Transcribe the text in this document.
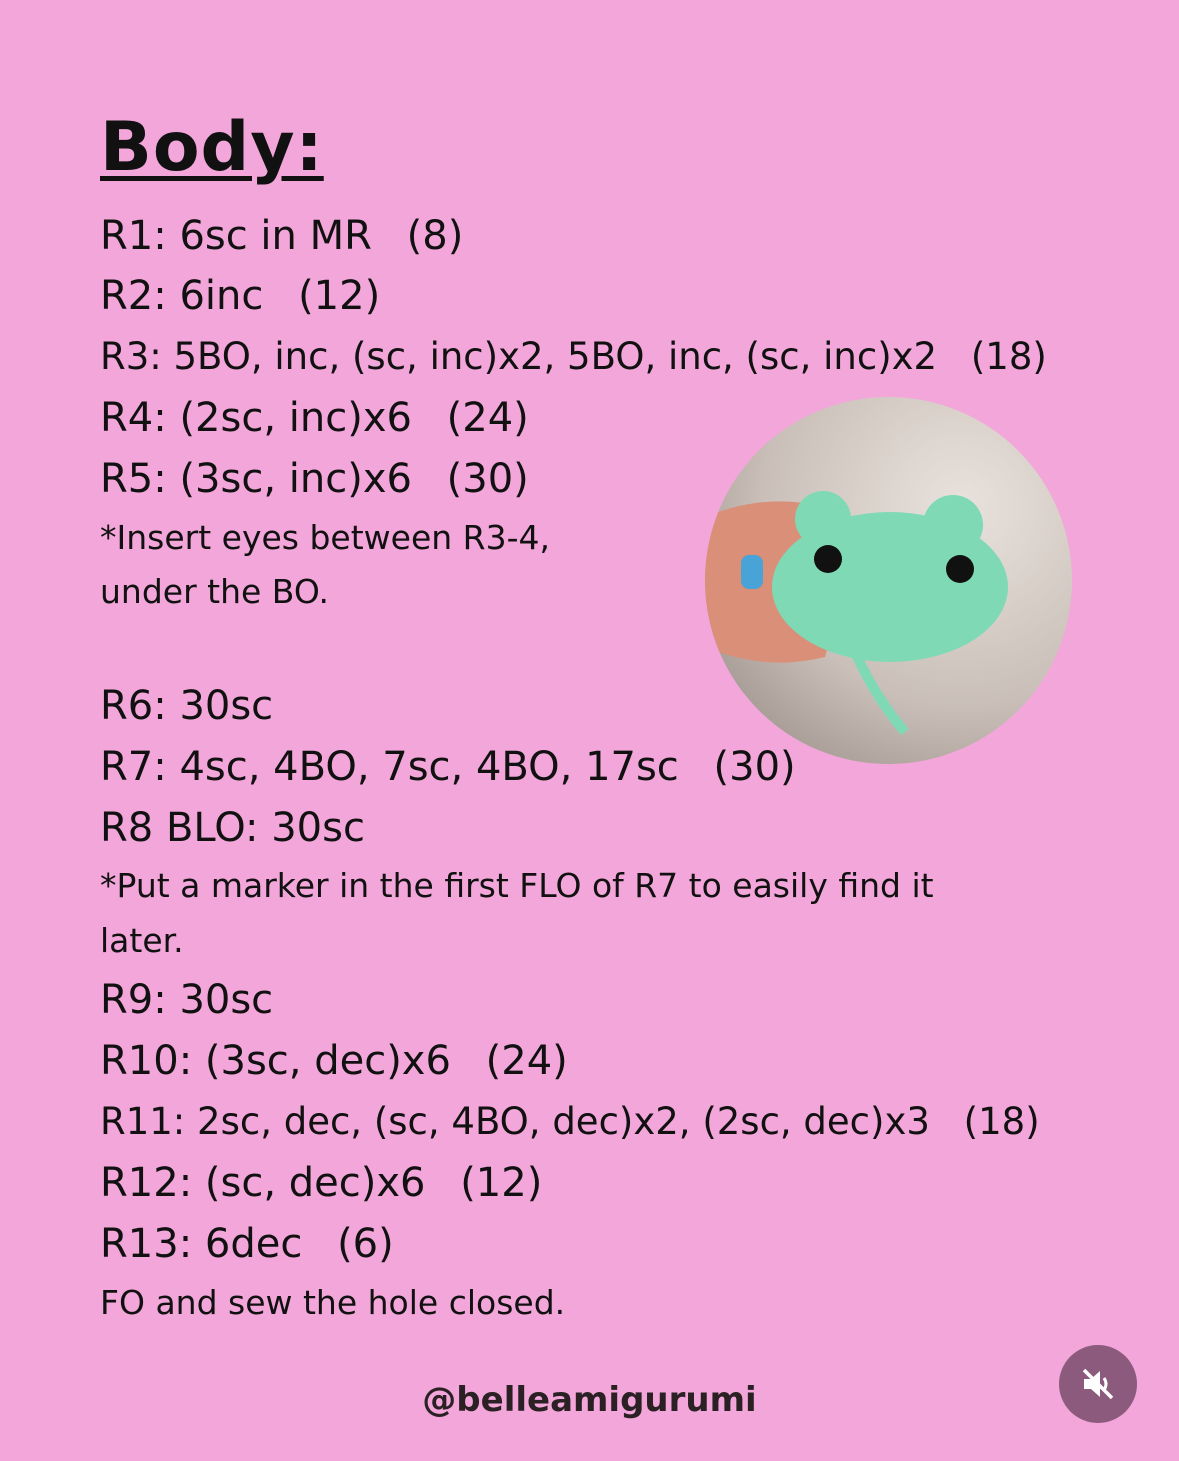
Body:
R1: 6sc in MR (8)
R2: 6inc (12)
R3: 5BO, inc, (sc, inc)x2, 5BO, inc, (sc, inc)x2 (18)
R4: (2sc, inc)x6 (24)
R5: (3sc, inc)x6 (30)
*Insert eyes between R3-4,
under the BO.
R6: 30sc
R7: 4sc, 4BO, 7sc, 4BO, 17sc (30)
R8 BLO: 30sc
*Put a marker in the first FLO of R7 to easily find it
later.
R9: 30sc
R10: (3sc, dec)x6 (24)
R11: 2sc, dec, (sc, 4BO, dec)x2, (2sc, dec)x3 (18)
R12: (sc, dec)x6 (12)
R13: 6dec (6)
FO and sew the hole closed.
@belleamigurumi
